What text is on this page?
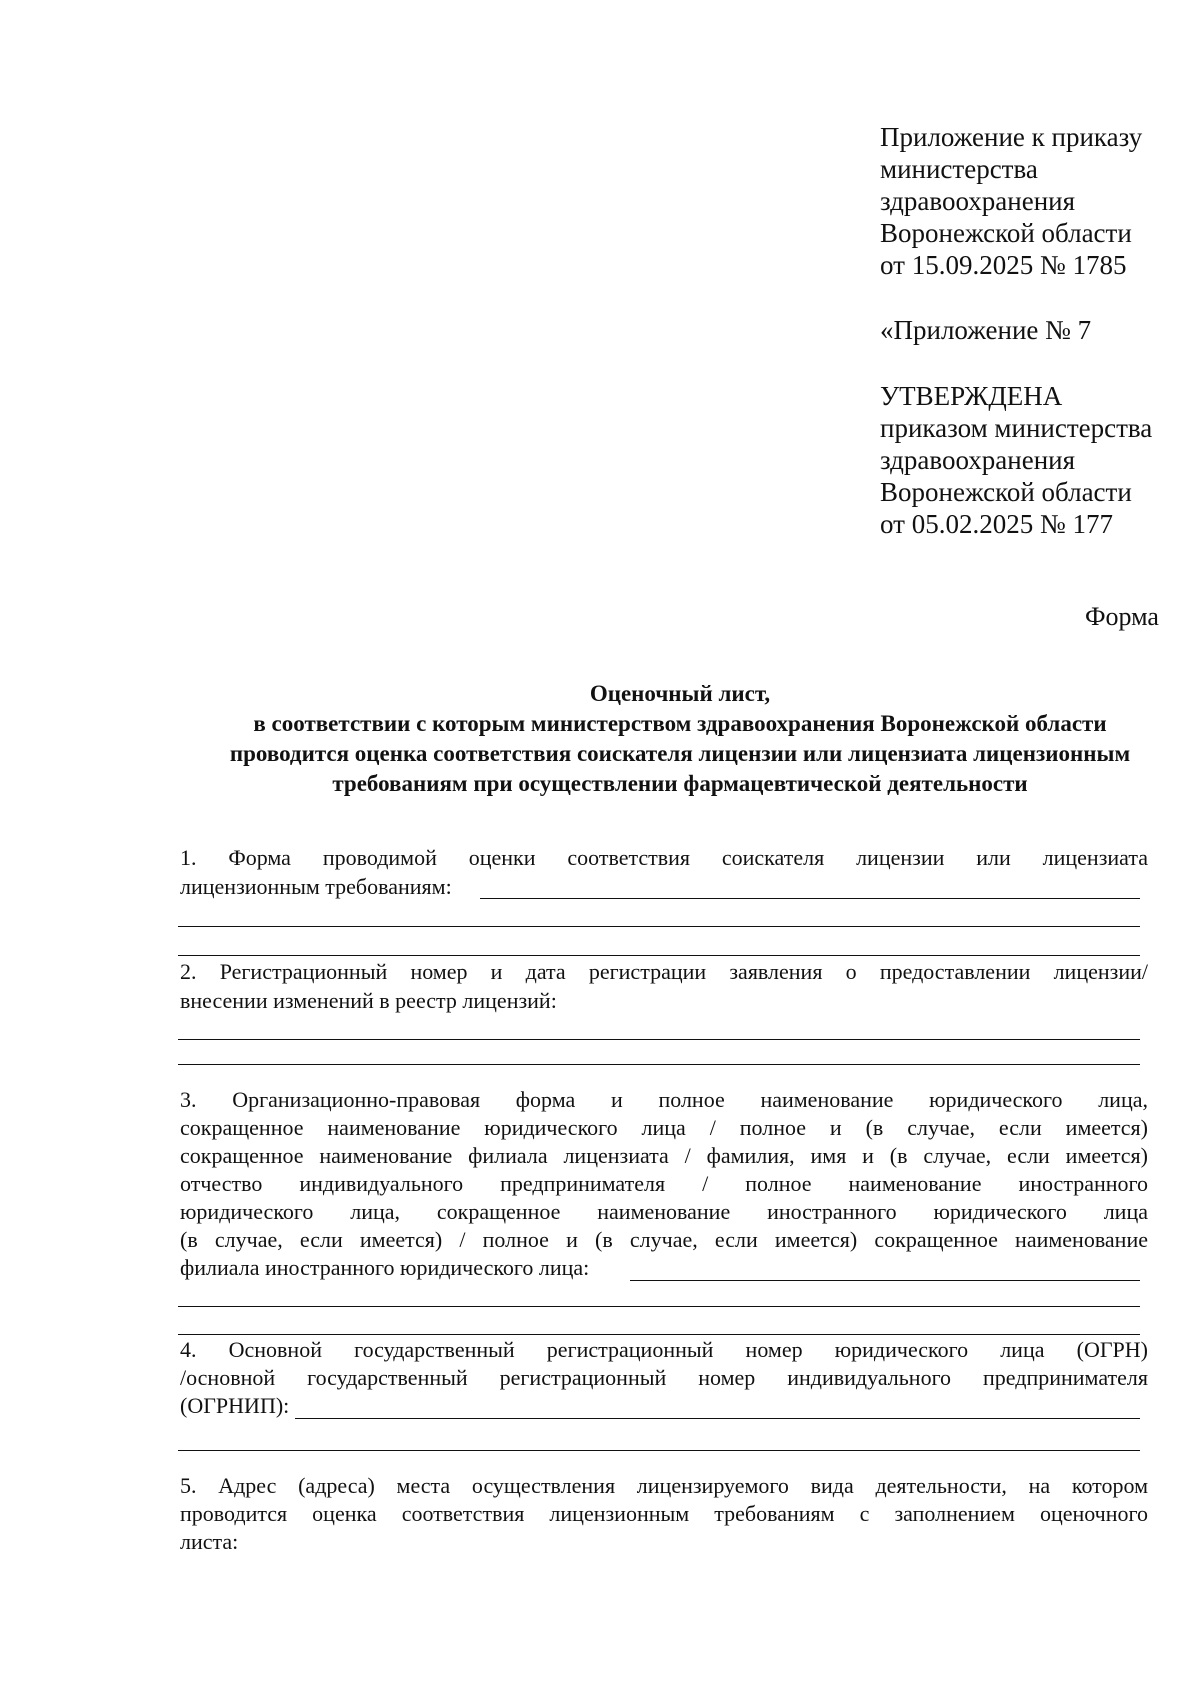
Приложение к приказу
министерства
здравоохранения
Воронежской области
от 15.09.2025 № 1785
«Приложение № 7
УТВЕРЖДЕНА
приказом министерства
здравоохранения
Воронежской области
от 05.02.2025 № 177
Форма
Оценочный лист,
в соответствии с которым министерством здравоохранения Воронежской области
проводится оценка соответствия соискателя лицензии или лицензиата лицензионным
требованиям при осуществлении фармацевтической деятельности
1. Форма проводимой оценки соответствия соискателя лицензии или лицензиата
лицензионным требованиям:
2. Регистрационный номер и дата регистрации заявления о предоставлении лицензии/
внесении изменений в реестр лицензий:
3. Организационно-правовая форма и полное наименование юридического лица,
сокращенное наименование юридического лица / полное и (в случае, если имеется)
сокращенное наименование филиала лицензиата / фамилия, имя и (в случае, если имеется)
отчество индивидуального предпринимателя / полное наименование иностранного
юридического лица, сокращенное наименование иностранного юридического лица
(в случае, если имеется) / полное и (в случае, если имеется) сокращенное наименование
филиала иностранного юридического лица:
4. Основной государственный регистрационный номер юридического лица (ОГРН)
/основной государственный регистрационный номер индивидуального предпринимателя
(ОГРНИП):
5. Адрес (адреса) места осуществления лицензируемого вида деятельности, на котором
проводится оценка соответствия лицензионным требованиям с заполнением оценочного
листа:
